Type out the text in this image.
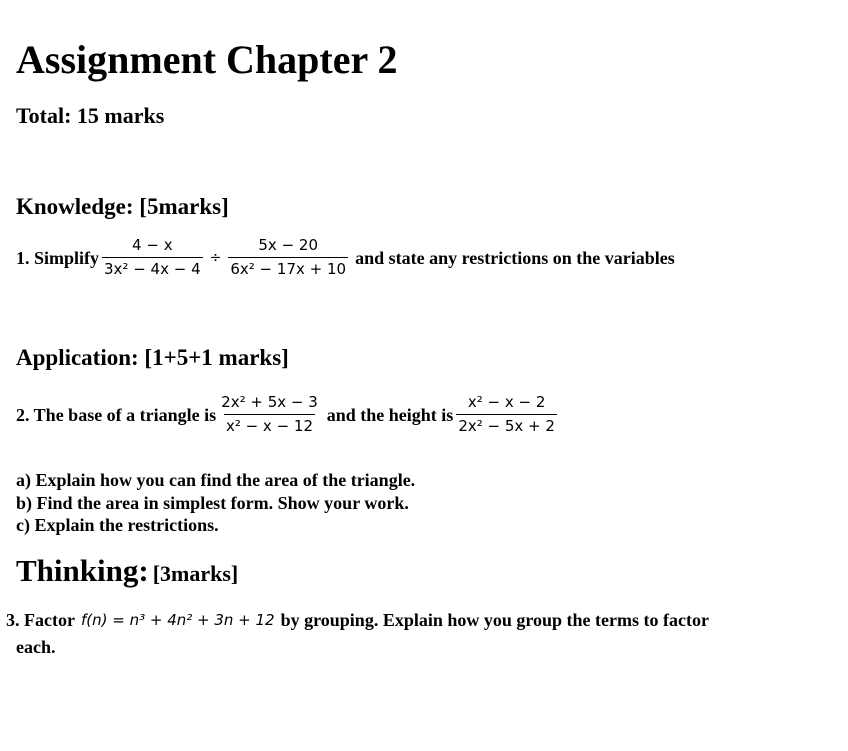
Assignment Chapter 2
Total: 15 marks
Knowledge: [5marks]
1. Simplify $\frac{4 - x}{\text{3x² − 4x − 4}} \div \frac{5x - 20}{\text{6x² − 17x + 10}}$ and state any restrictions on the variables
Application: [1+5+1 marks]
2. The base of a triangle is $\frac{\text{2x² + 5x − 3}}{\text{x² − x − 12}}$ and the height is $\frac{\text{x² − x − 2}}{\text{2x² − 5x + 2}}$
a) Explain how you can find the area of the triangle.
b) Find the area in simplest form. Show your work.
c) Explain the restrictions.
Thinking: [3marks]
3. Factor f(n) = n³ + 4n² + 3n + 12 by grouping. Explain how you group the terms to factor
each.
